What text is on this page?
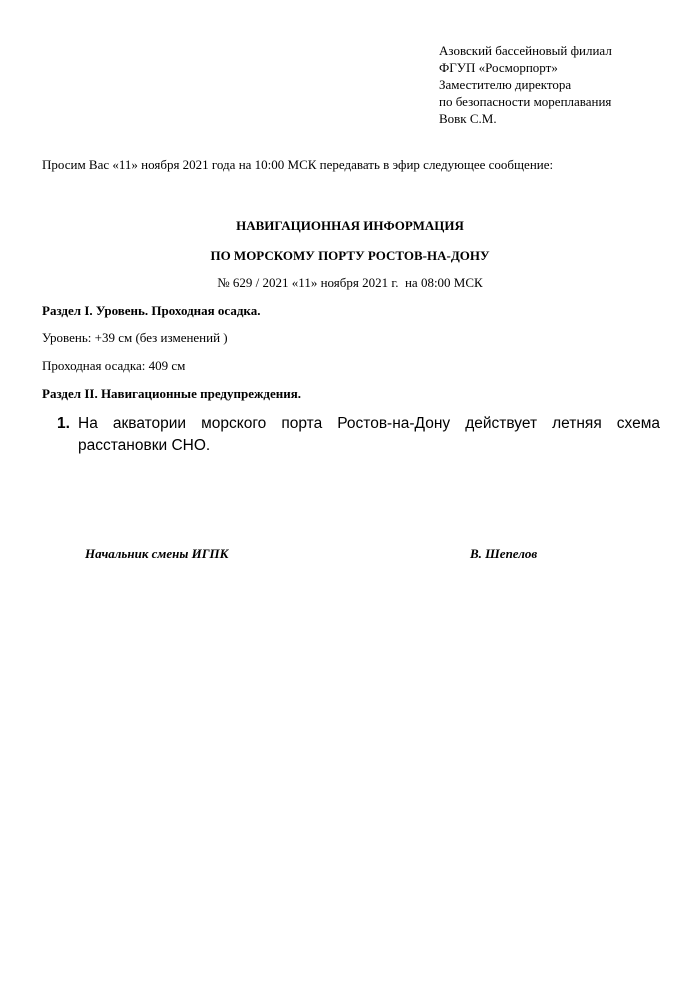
Азовский бассейновый филиал
ФГУП «Росморпорт»
Заместителю директора
по безопасности мореплавания
Вовк С.М.
Просим Вас «11» ноября 2021 года на 10:00 МСК передавать в эфир следующее сообщение:
НАВИГАЦИОННАЯ ИНФОРМАЦИЯ
ПО МОРСКОМУ ПОРТУ РОСТОВ-НА-ДОНУ
№ 629 / 2021 «11» ноября 2021 г.  на 08:00 МСК
Раздел I. Уровень. Проходная осадка.
Уровень: +39 см (без изменений )
Проходная осадка: 409 см
Раздел II. Навигационные предупреждения.
1. На акватории морского порта Ростов-на-Дону действует летняя схема расстановки СНО.
Начальник смены ИГПК	В. Шепелов
